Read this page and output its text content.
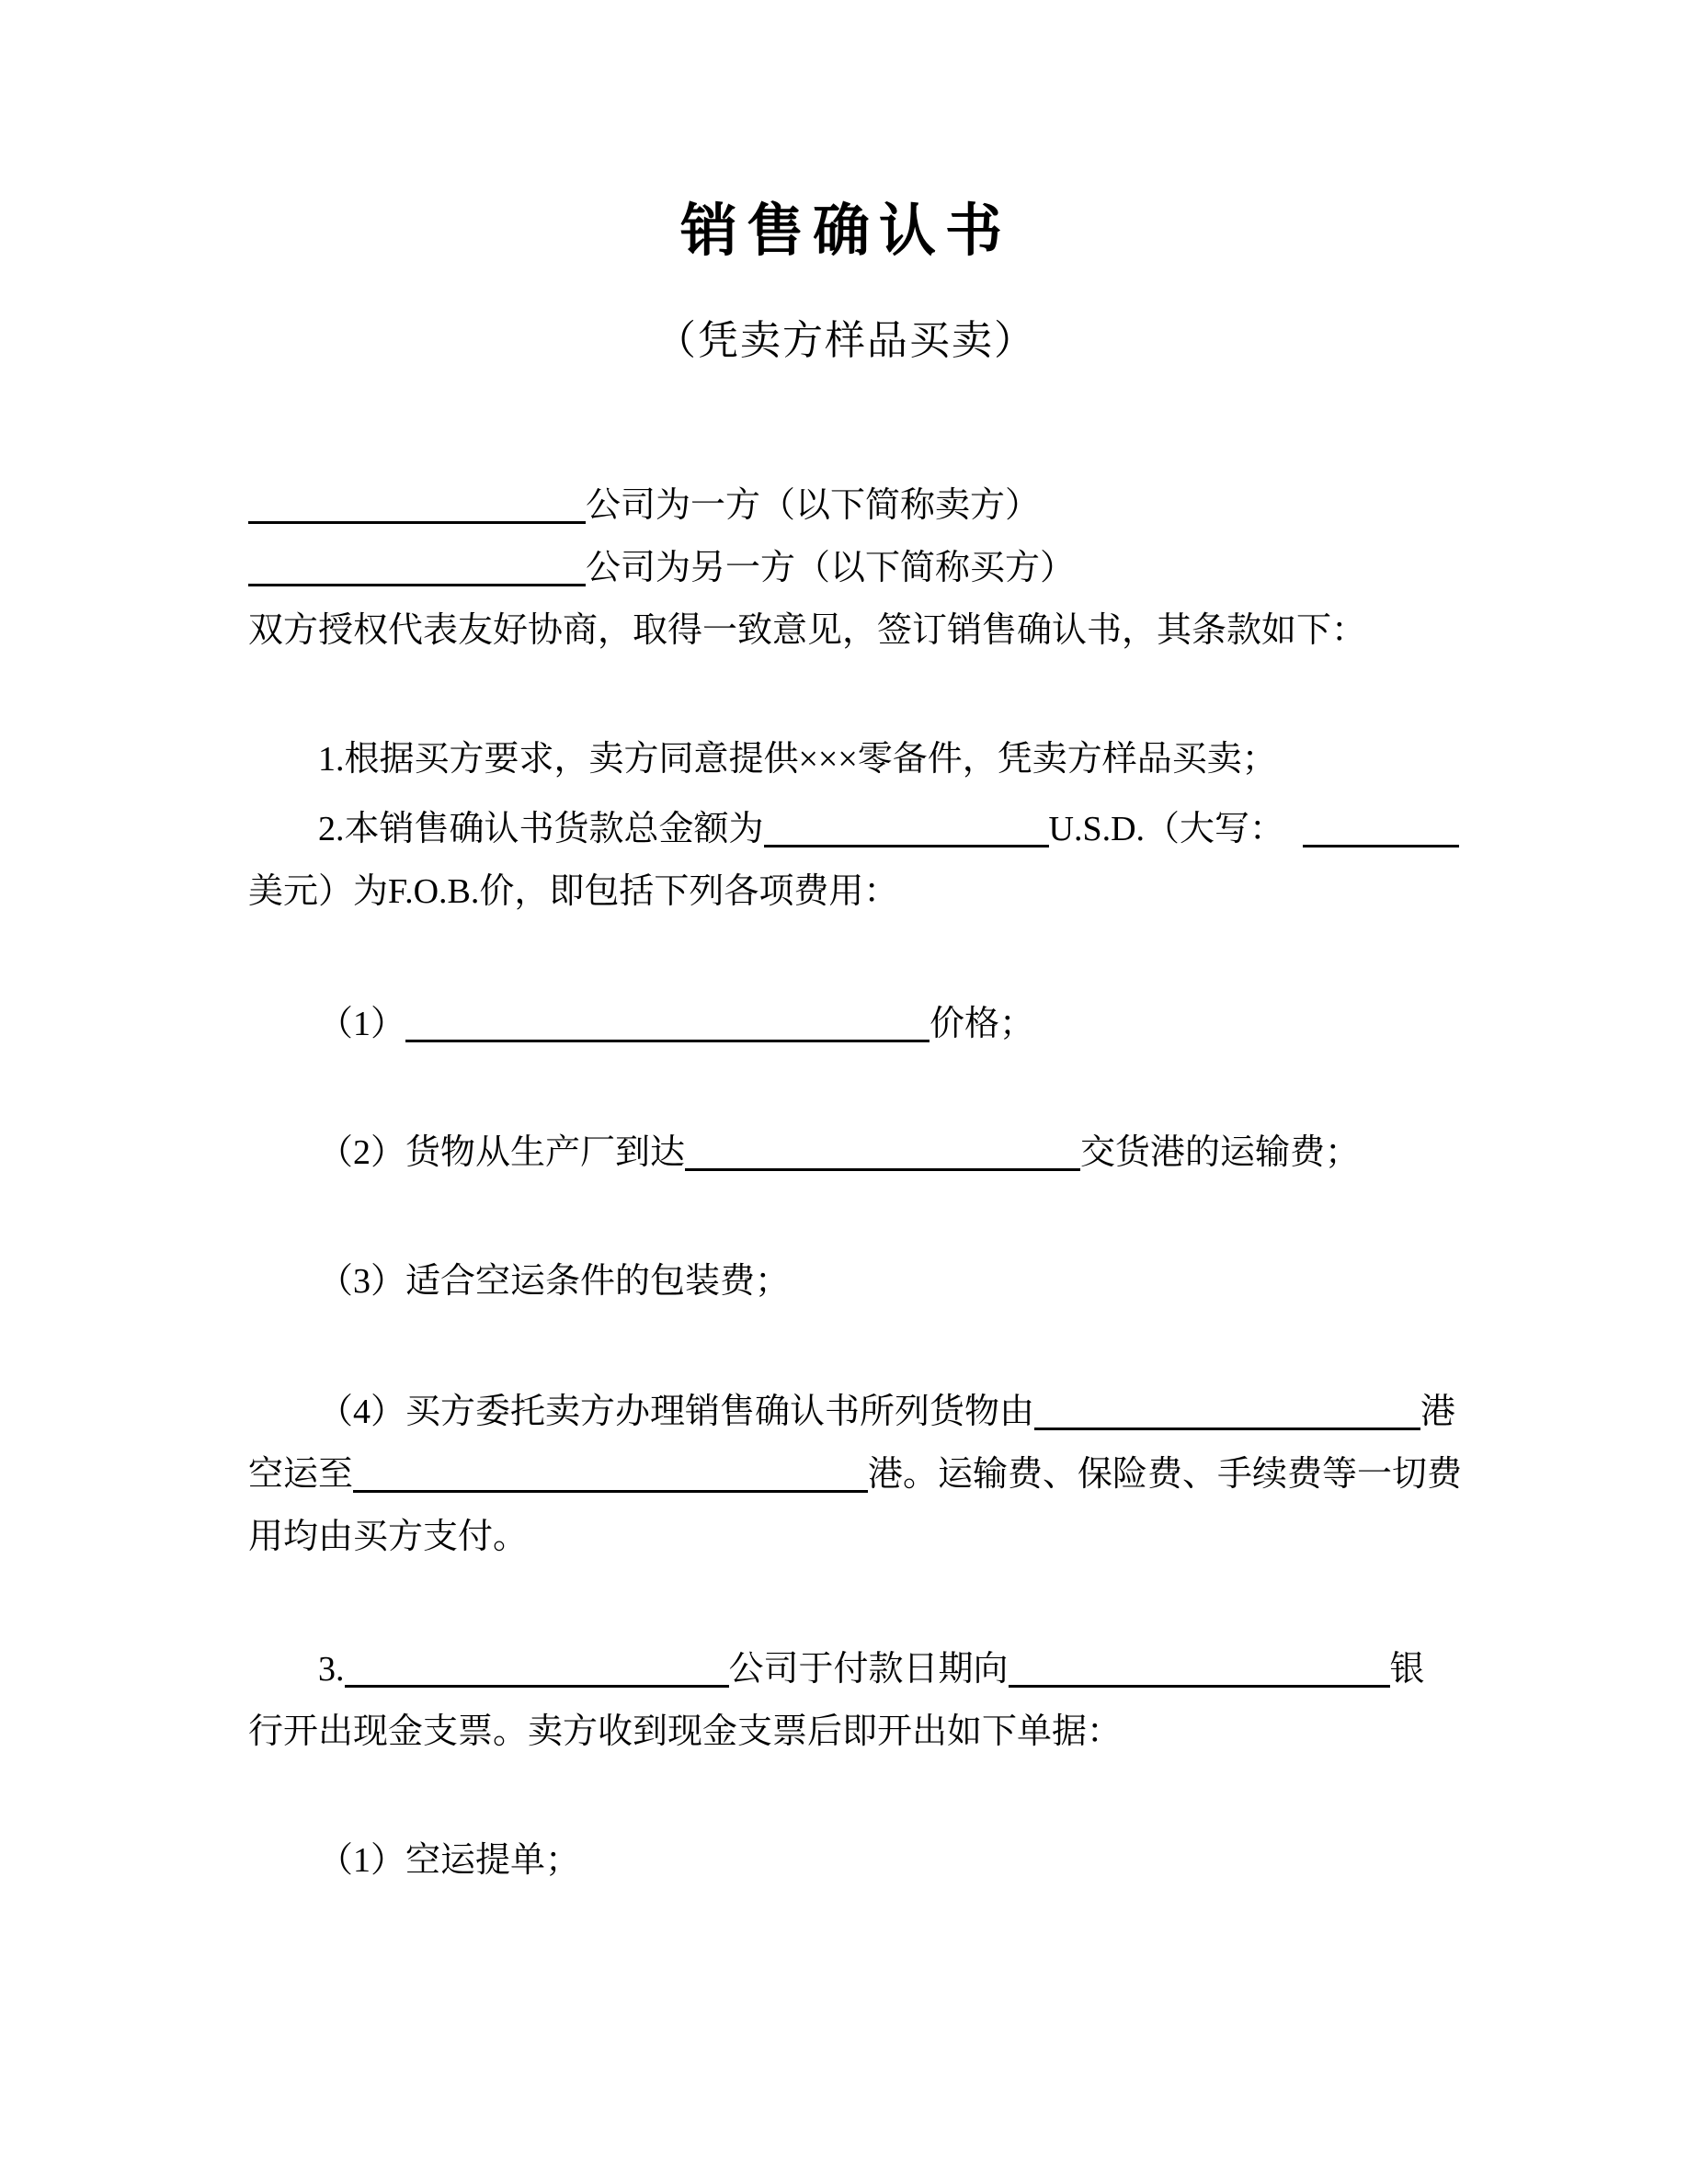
销售确认书
（凭卖方样品买卖）
公司为一方（以下简称卖方）
公司为另一方（以下简称买方）
双方授权代表友好协商，取得一致意见，签订销售确认书，其条款如下：
1.根据买方要求，卖方同意提供×××零备件，凭卖方样品买卖；
2.本销售确认书货款总金额为	U.S.D.（大写：
美元）为F.O.B.价，即包括下列各项费用：
（1）	价格；
（2）货物从生产厂到达	交货港的运输费；
（3）适合空运条件的包装费；
（4）买方委托卖方办理销售确认书所列货物由	港
空运至	港。运输费、保险费、手续费等一切费
用均由买方支付。
3.	公司于付款日期向	银
行开出现金支票。卖方收到现金支票后即开出如下单据：
（1）空运提单；
